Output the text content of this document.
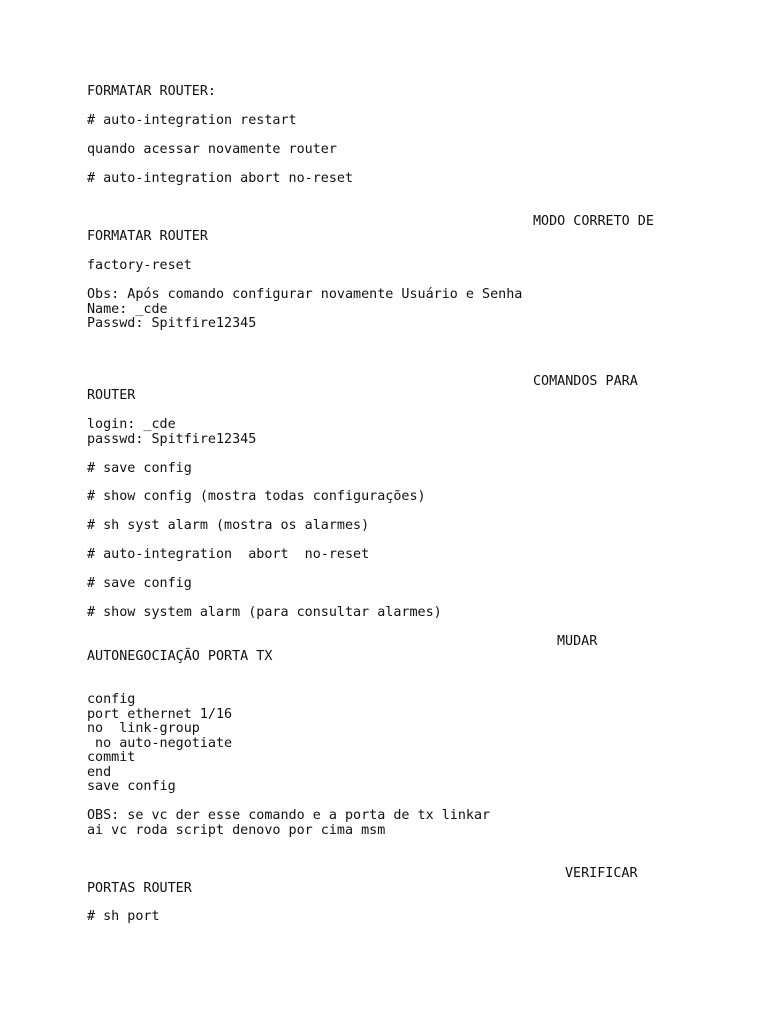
FORMATAR ROUTER:

# auto-integration restart

quando acessar novamente router

# auto-integration abort no-reset

MODO CORRETO DE

FORMATAR ROUTER

factory-reset

Obs: Após comando configurar novamente Usuário e Senha

Name: _cde

Passwd: Spitfire12345

COMANDOS PARA

ROUTER

login: _cde

passwd: Spitfire12345

# save config

# show config (mostra todas configurações)

# sh syst alarm (mostra os alarmes)

# auto-integration  abort  no-reset

# save config

# show system alarm (para consultar alarmes)

MUDAR

AUTONEGOCIAÇÃO PORTA TX

config

port ethernet 1/16

no  link-group

no auto-negotiate

commit

end

save config

OBS: se vc der esse comando e a porta de tx linkar

ai vc roda script denovo por cima msm

VERIFICAR

PORTAS ROUTER

# sh port
